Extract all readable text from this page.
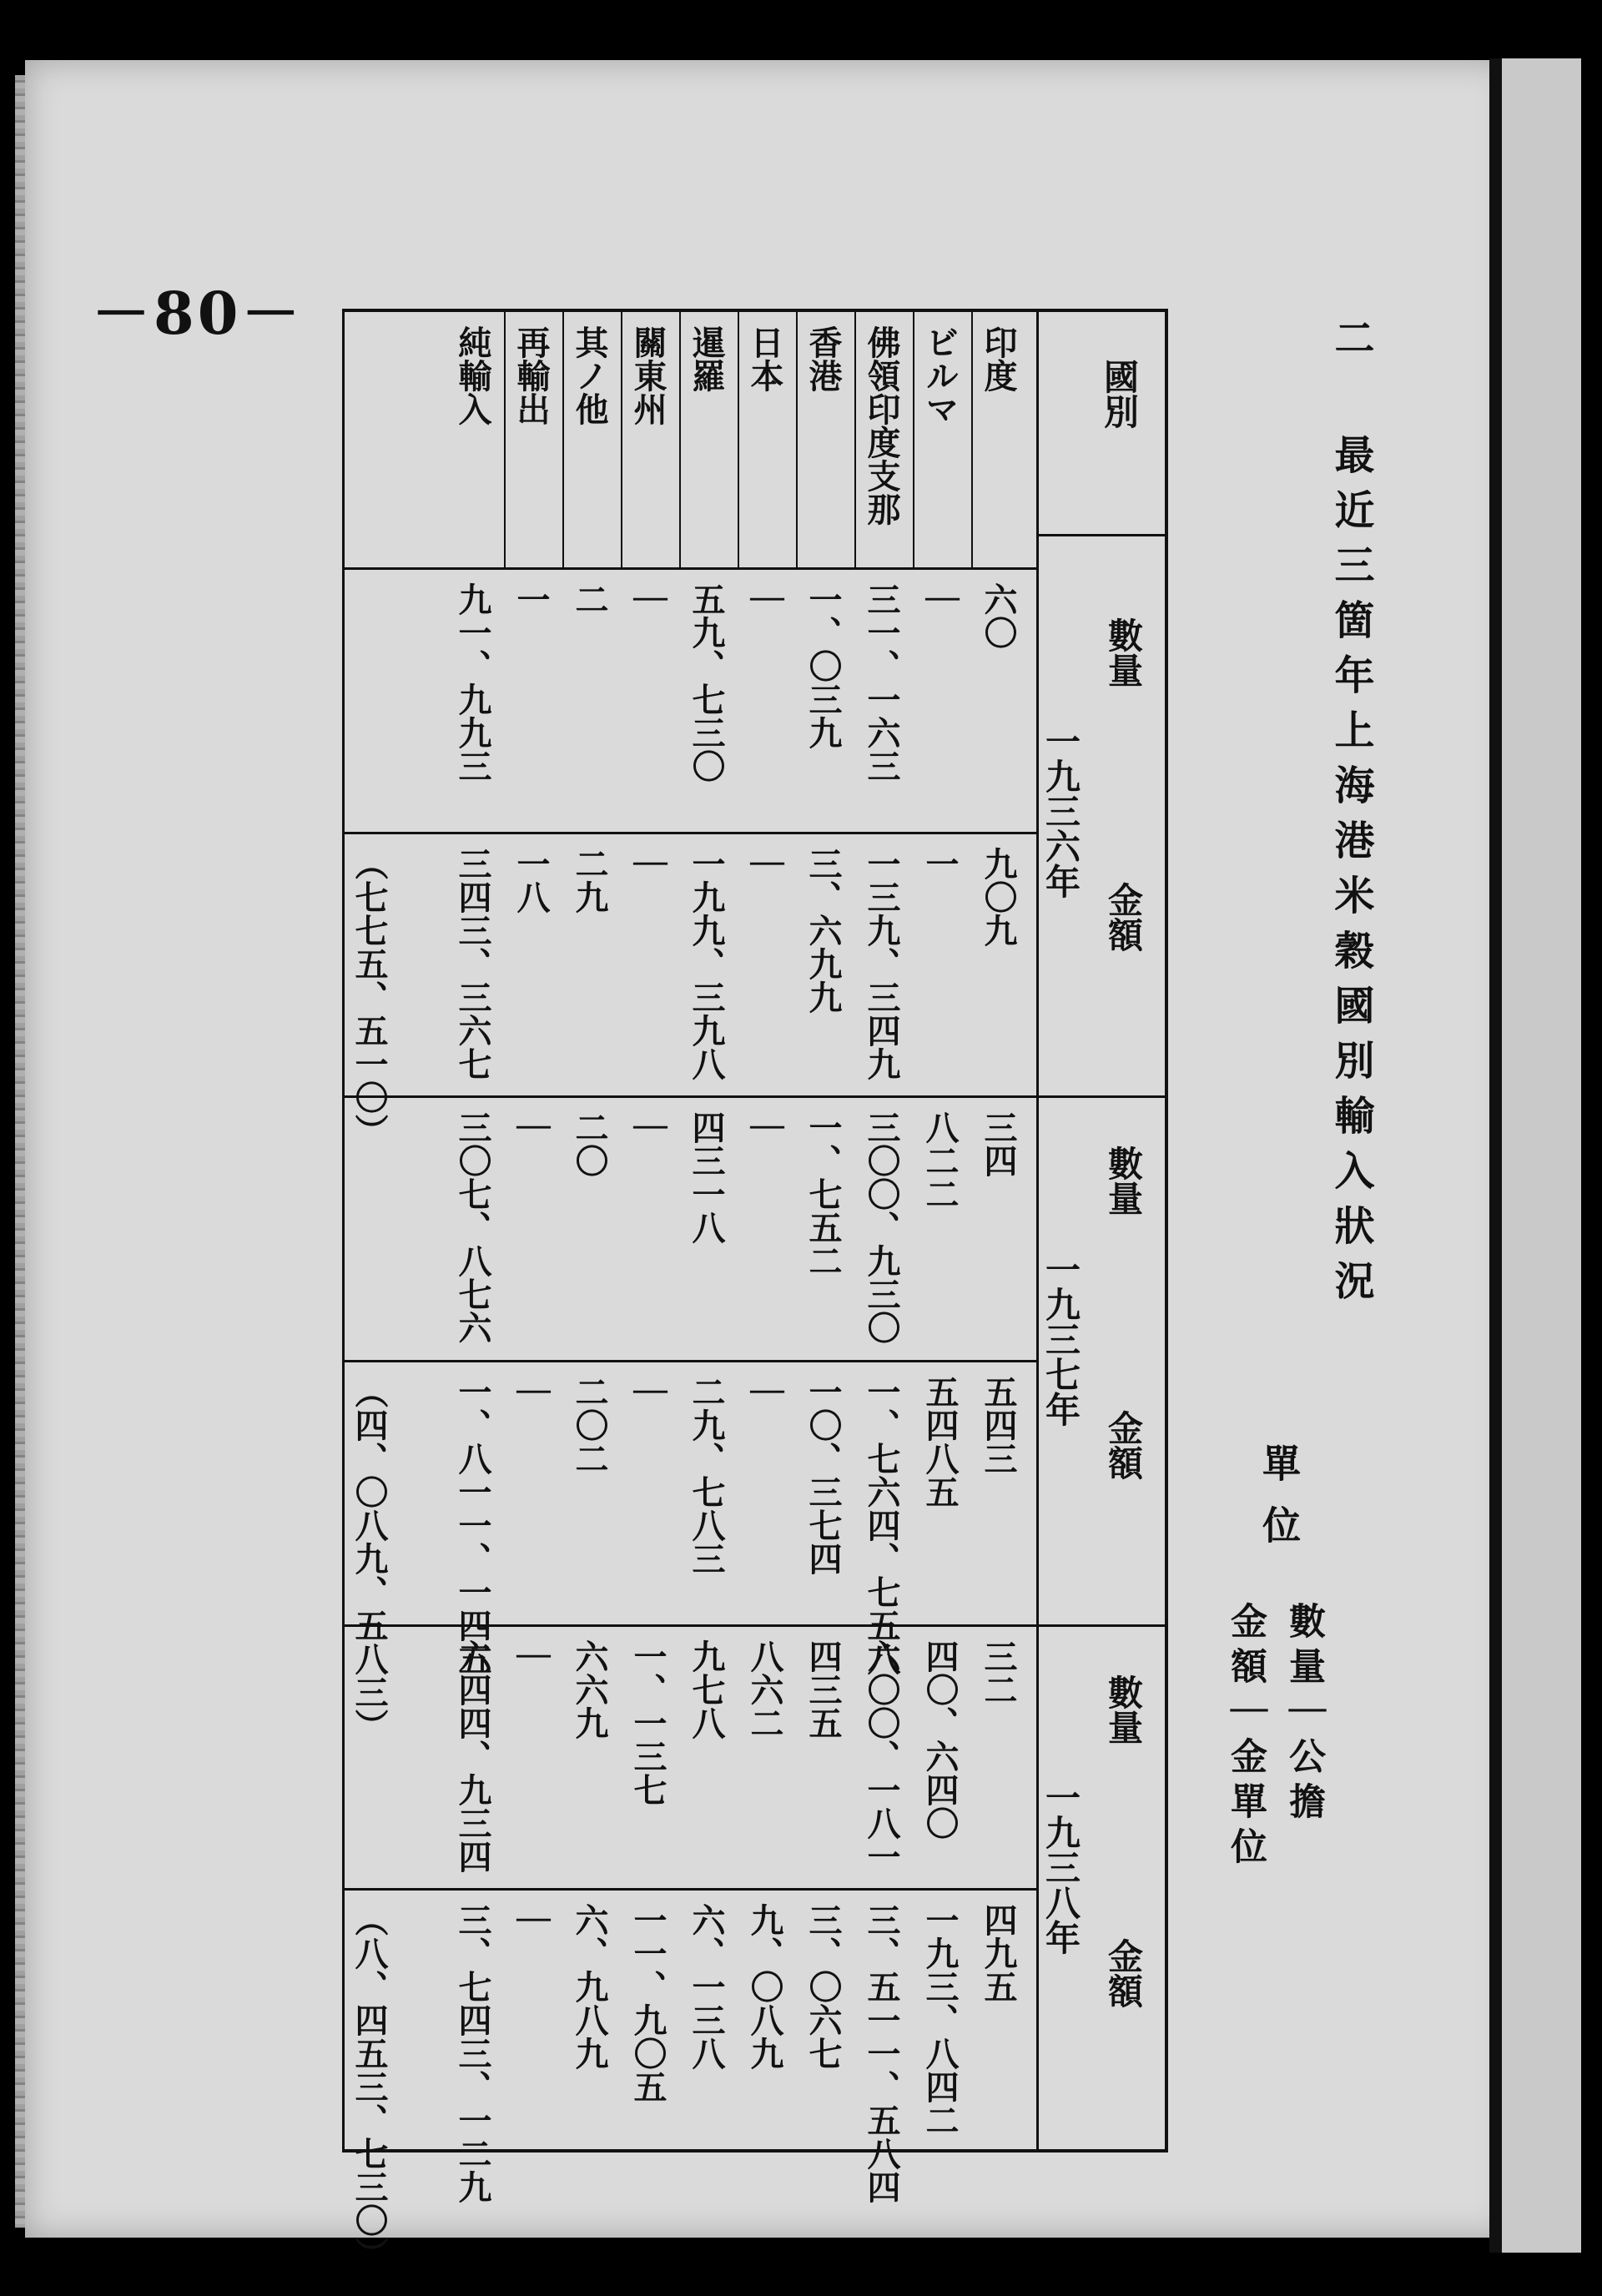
－80－	二
最近三箇年上海港米穀國別輸入狀況
單位
數量｜公擔
金額｜金單位
國別
數量
一九三六年
金額
數量
一九三七年
金額
數量
一九三八年
金額
印度
六〇
九〇九
三四
五四三
三二
四九五
ビルマ
｜
一
八二二
五四八五
四〇、六四〇
一九三、八四二
佛領印度支那
三一、一六三
一三九、三四九
三〇〇、九三〇
一、七六四、七五八
六〇〇、一八一
三、五一一、五八四
香港
一、〇三九
三、六九九
一、七五二
一〇、三七四
四三五
三、〇六七
日本
｜
｜
｜
｜
八六二
九、〇八九
暹羅
五九、七三〇
一九九、三九八
四三一八
二九、七八三
九七八
六、一三八
關東州
｜
｜
｜
｜
一、一三七
一一、九〇五
其ノ他
二
二九
二〇
二〇二
六六九
六、九八九
再輸出
一
一八
｜
｜
｜
｜
純輸入
九一、九九三
三四三、三六七
三〇七、八七六
一、八一一、一四五
六四四、九三四
三、七四三、一二九
（七七五、五一〇）
（四、〇八九、五八三）
（八、四五三、七三〇）
